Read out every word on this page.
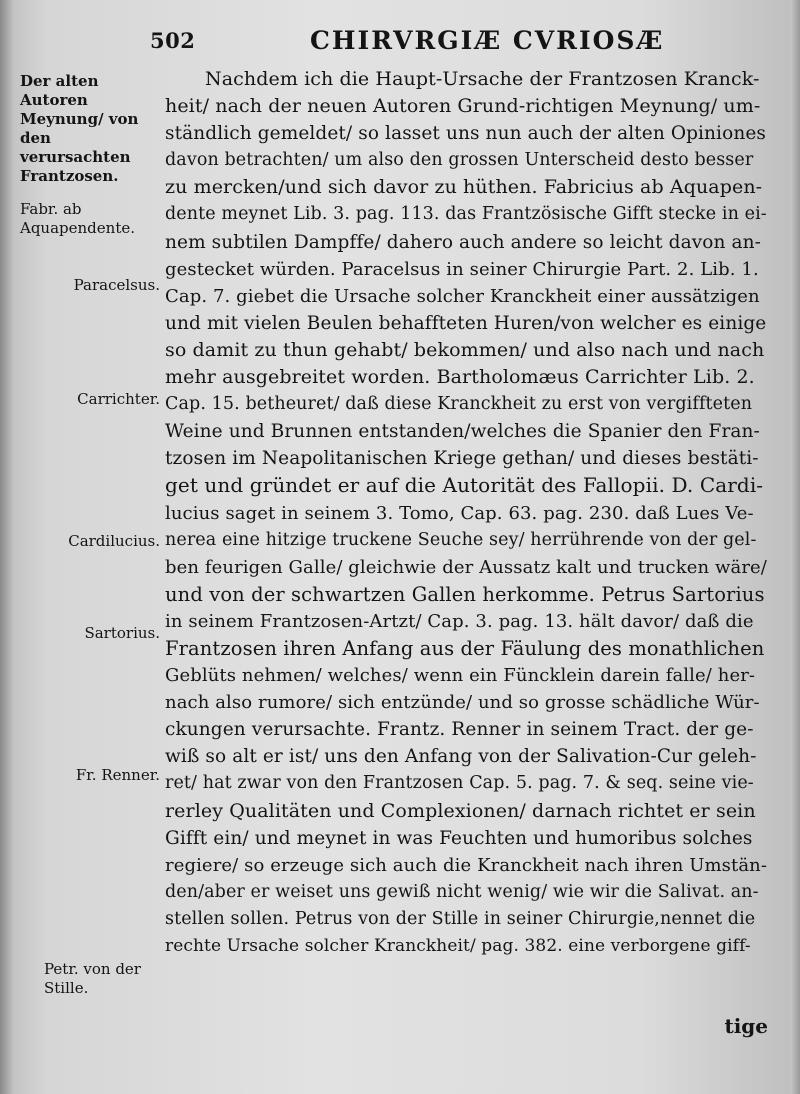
502	CHIRVRGIÆ CVRIOSÆ
Der alten Autoren Meynung/ von den verursachten Frantzosen.
Fabr. ab Aquapendente.
Paracelsus.
Carrichter.
Cardilucius.
Sartorius.
Fr. Renner.
Petr. von der Stille.
Nachdem ich die Haupt-Ursache der Frantzosen Kranck-
heit/ nach der neuen Autoren Grund-richtigen Meynung/ um-
ständlich gemeldet/ so lasset uns nun auch der alten Opiniones
davon betrachten/ um also den grossen Unterscheid desto besser
zu mercken/und sich davor zu hüthen. Fabricius ab Aquapen-
dente meynet Lib. 3. pag. 113. das Frantzösische Gifft stecke in ei-
nem subtilen Dampffe/ dahero auch andere so leicht davon an-
gestecket würden. Paracelsus in seiner Chirurgie Part. 2. Lib. 1.
Cap. 7. giebet die Ursache solcher Kranckheit einer aussätzigen
und mit vielen Beulen behaffteten Huren/von welcher es einige
so damit zu thun gehabt/ bekommen/ und also nach und nach
mehr ausgebreitet worden. Bartholomæus Carrichter Lib. 2.
Cap. 15. betheuret/ daß diese Kranckheit zu erst von vergiffteten
Weine und Brunnen entstanden/welches die Spanier den Fran-
tzosen im Neapolitanischen Kriege gethan/ und dieses bestäti-
get und gründet er auf die Autorität des Fallopii. D. Cardi-
lucius saget in seinem 3. Tomo, Cap. 63. pag. 230. daß Lues Ve-
nerea eine hitzige truckene Seuche sey/ herrührende von der gel-
ben feurigen Galle/ gleichwie der Aussatz kalt und trucken wäre/
und von der schwartzen Gallen herkomme. Petrus Sartorius
in seinem Frantzosen-Artzt/ Cap. 3. pag. 13. hält davor/ daß die
Frantzosen ihren Anfang aus der Fäulung des monathlichen
Geblüts nehmen/ welches/ wenn ein Füncklein darein falle/ her-
nach also rumore/ sich entzünde/ und so grosse schädliche Wür-
ckungen verursachte. Frantz. Renner in seinem Tract. der ge-
wiß so alt er ist/ uns den Anfang von der Salivation-Cur geleh-
ret/ hat zwar von den Frantzosen Cap. 5. pag. 7. & seq. seine vie-
rerley Qualitäten und Complexionen/ darnach richtet er sein
Gifft ein/ und meynet in was Feuchten und humoribus solches
regiere/ so erzeuge sich auch die Kranckheit nach ihren Umstän-
den/aber er weiset uns gewiß nicht wenig/ wie wir die Salivat. an-
stellen sollen. Petrus von der Stille in seiner Chirurgie,nennet die
rechte Ursache solcher Kranckheit/ pag. 382. eine verborgene giff-
tige
